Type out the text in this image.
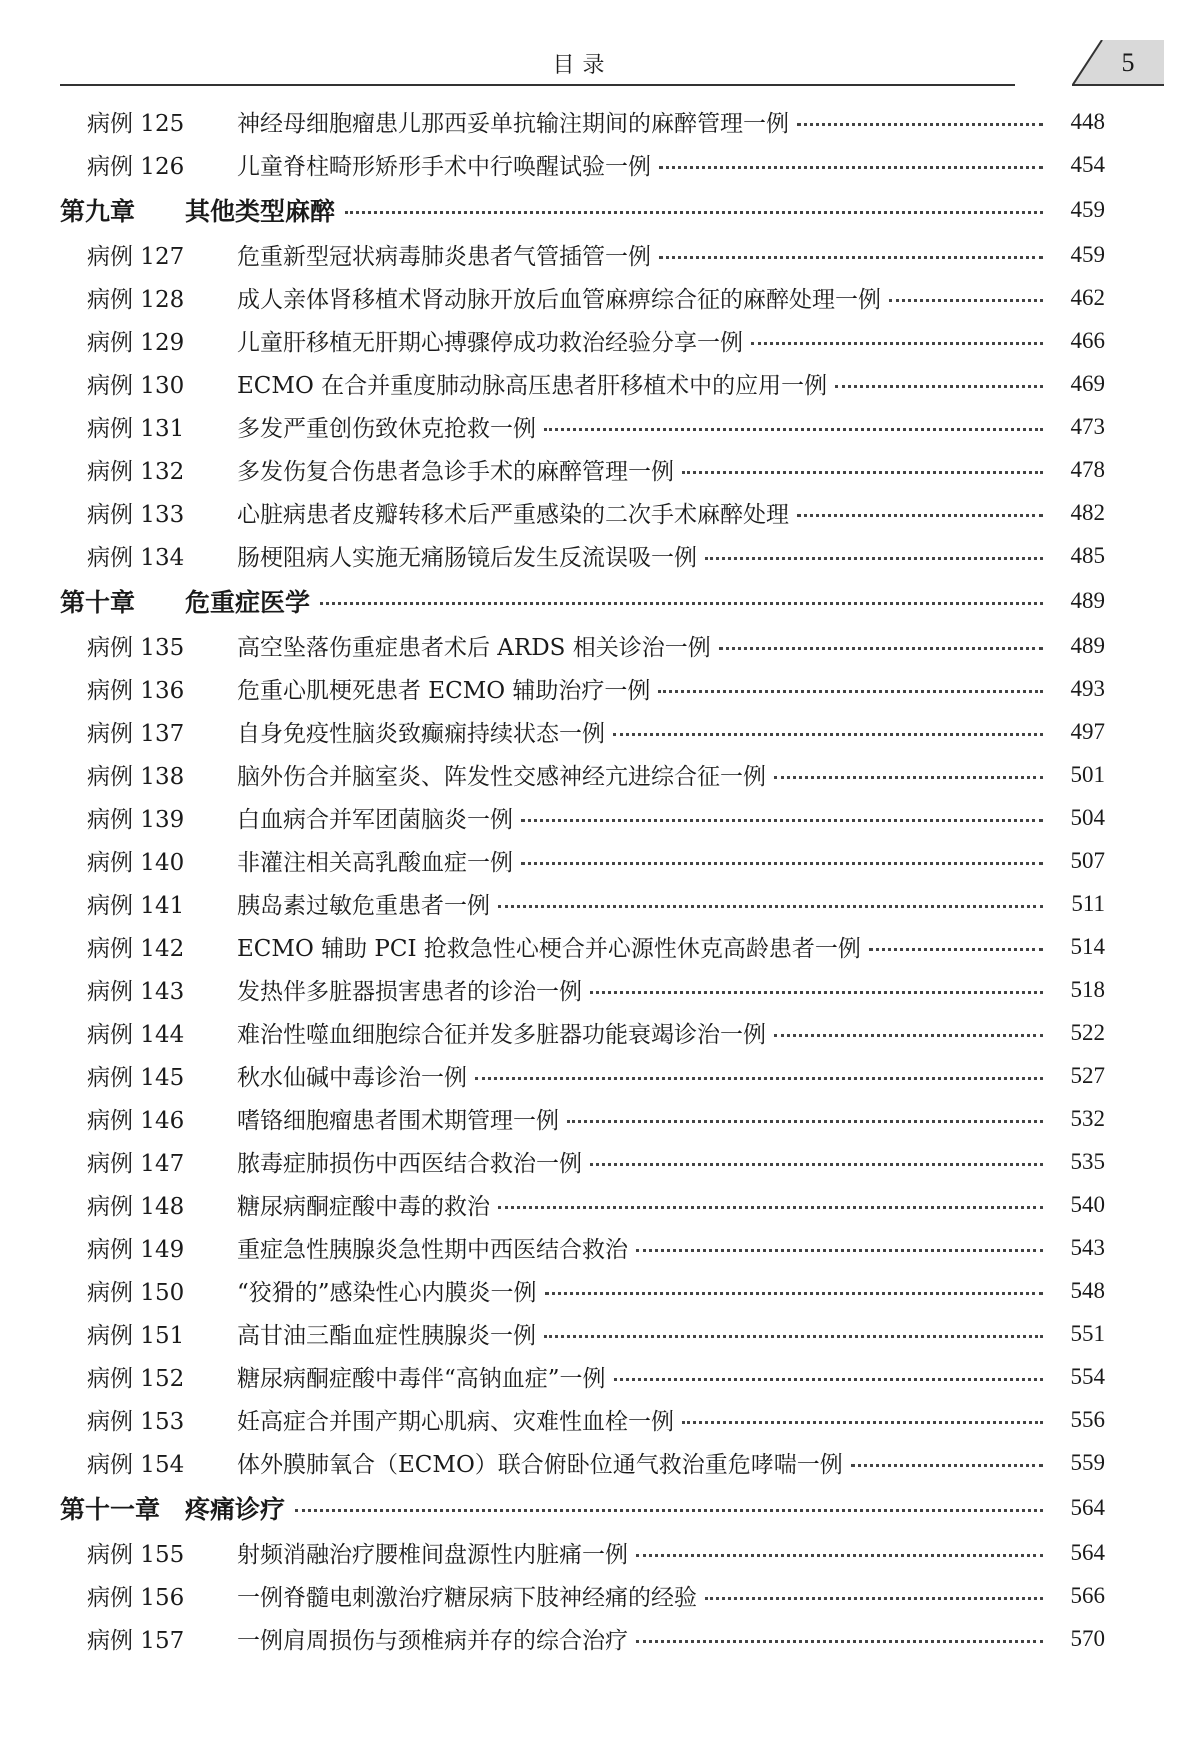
目录	5
病例 125	神经母细胞瘤患儿那西妥单抗输注期间的麻醉管理一例	448
病例 126	儿童脊柱畸形矫形手术中行唤醒试验一例	454
第九章	其他类型麻醉	459
病例 127	危重新型冠状病毒肺炎患者气管插管一例	459
病例 128	成人亲体肾移植术肾动脉开放后血管麻痹综合征的麻醉处理一例	462
病例 129	儿童肝移植无肝期心搏骤停成功救治经验分享一例	466
病例 130	ECMO 在合并重度肺动脉高压患者肝移植术中的应用一例	469
病例 131	多发严重创伤致休克抢救一例	473
病例 132	多发伤复合伤患者急诊手术的麻醉管理一例	478
病例 133	心脏病患者皮瓣转移术后严重感染的二次手术麻醉处理	482
病例 134	肠梗阻病人实施无痛肠镜后发生反流误吸一例	485
第十章	危重症医学	489
病例 135	高空坠落伤重症患者术后 ARDS 相关诊治一例	489
病例 136	危重心肌梗死患者 ECMO 辅助治疗一例	493
病例 137	自身免疫性脑炎致癫痫持续状态一例	497
病例 138	脑外伤合并脑室炎、阵发性交感神经亢进综合征一例	501
病例 139	白血病合并军团菌脑炎一例	504
病例 140	非灌注相关高乳酸血症一例	507
病例 141	胰岛素过敏危重患者一例	511
病例 142	ECMO 辅助 PCI 抢救急性心梗合并心源性休克高龄患者一例	514
病例 143	发热伴多脏器损害患者的诊治一例	518
病例 144	难治性噬血细胞综合征并发多脏器功能衰竭诊治一例	522
病例 145	秋水仙碱中毒诊治一例	527
病例 146	嗜铬细胞瘤患者围术期管理一例	532
病例 147	脓毒症肺损伤中西医结合救治一例	535
病例 148	糖尿病酮症酸中毒的救治	540
病例 149	重症急性胰腺炎急性期中西医结合救治	543
病例 150	“狡猾的”感染性心内膜炎一例	548
病例 151	高甘油三酯血症性胰腺炎一例	551
病例 152	糖尿病酮症酸中毒伴“高钠血症”一例	554
病例 153	妊高症合并围产期心肌病、灾难性血栓一例	556
病例 154	体外膜肺氧合（ECMO）联合俯卧位通气救治重危哮喘一例	559
第十一章 疼痛诊疗	564
病例 155	射频消融治疗腰椎间盘源性内脏痛一例	564
病例 156	一例脊髓电刺激治疗糖尿病下肢神经痛的经验	566
病例 157	一例肩周损伤与颈椎病并存的综合治疗	570
